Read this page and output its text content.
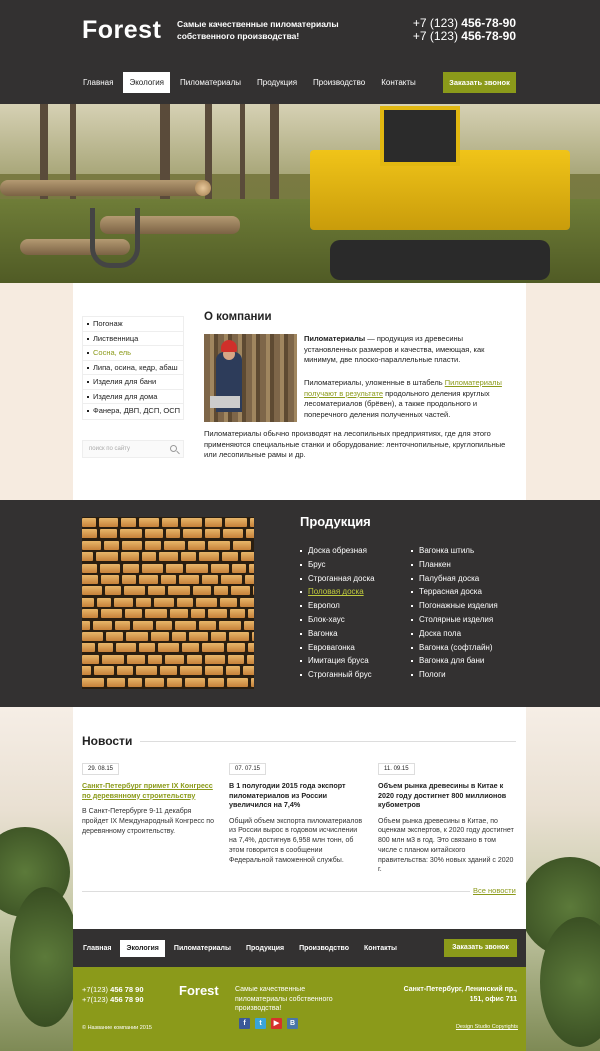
Forest Самые качественные пиломатериалы собственного производства!
+7 (123) 456-78-90
+7 (123) 456-78-90
Главная	Экология	Пиломатериалы	Продукция	Производство	Контакты	Заказать звонок
Погонаж
Лиственница
Сосна, ель
Липа, осина, кедр, абаш
Изделия для бани
Изделия для дома
Фанера, ДВП, ДСП, ОСП
поиск по сайту
О компании
Пиломатериалы — продукция из древесины установленных размеров и качества, имеющая, как минимум, две плоско-параллельные пласти.
Пиломатериалы, уложенные в штабель Пиломатериалы получают в результате продольного деления круглых лесоматериалов (брёвен), а также продольного и поперечного деления полученных частей.
Пиломатериалы обычно производят на лесопильных предприятиях, где для этого применяются специальные станки и оборудование: ленточнопильные, круглопильные или лесопильные рамы и др.
Продукция
Доска обрезная
Брус
Строганная доска
Половая доска
Европол
Блок-хаус
Вагонка
Евровагонка
Имитация бруса
Строганный брус
Вагонка штиль
Планкен
Палубная доска
Террасная доска
Погонажные изделия
Столярные изделия
Доска пола
Вагонка (софтлайн)
Вагонка для бани
Пологи
Новости
29. 08.15
Санкт-Петербург примет IX Конгресс по деревянному строительству
В Санкт-Петербурге 9-11 декабря пройдет IX Международный Конгресс по деревянному строительству.
07. 07.15
В 1 полугодии 2015 года экспорт пиломатериалов из России увеличился на 7,4%
Общий объем экспорта пиломатериалов из России вырос в годовом исчислении на 7,4%, достигнув 6,958 млн тонн, об этом говорится в сообщении Федеральной таможенной службы.
11. 09.15
Объем рынка древесины в Китае к 2020 году достигнет 800 миллионов кубометров
Объем рынка древесины в Китае, по оценкам экспертов, к 2020 году достигнет 800 млн м3 в год. Это связано в том числе с планом китайского правительства: 30% новых зданий с 2020 г.
Все новости
Главная	Экология	Пиломатериалы	Продукция	Производство	Контакты	Заказать звонок
+7(123) 456 78 90
+7(123) 456 78 90
Forest Самые качественные пиломатериалы собственного производства!
Санкт-Петербург, Ленинский пр., 151, офис 711
f	t	▶	В
© Название компании 2015	Design Studio Copyrights
